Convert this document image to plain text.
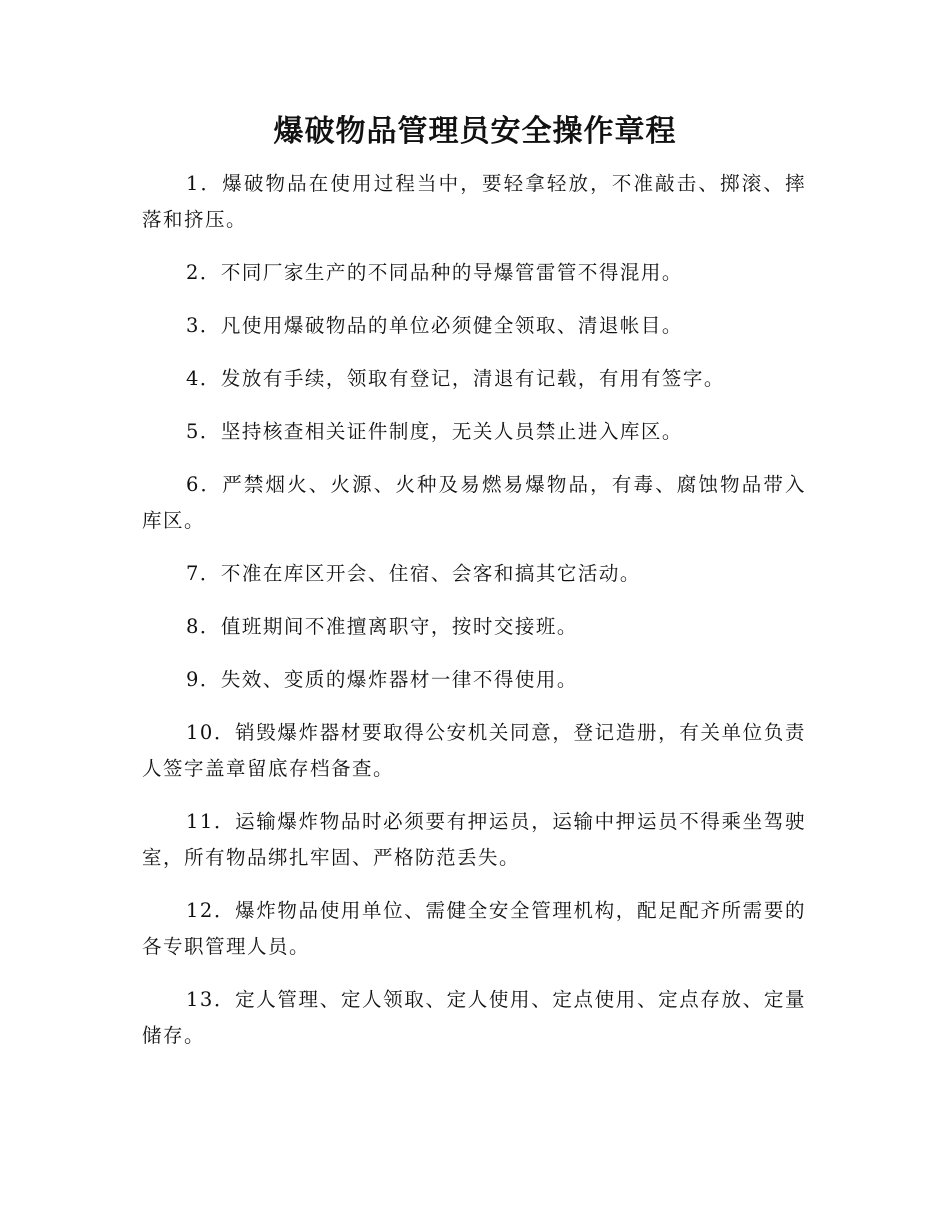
爆破物品管理员安全操作章程
1．爆破物品在使用过程当中，要轻拿轻放，不准敲击、掷滚、摔落和挤压。
2．不同厂家生产的不同品种的导爆管雷管不得混用。
3．凡使用爆破物品的单位必须健全领取、清退帐目。
4．发放有手续，领取有登记，清退有记载，有用有签字。
5．坚持核查相关证件制度，无关人员禁止进入库区。
6．严禁烟火、火源、火种及易燃易爆物品，有毒、腐蚀物品带入库区。
7．不准在库区开会、住宿、会客和搞其它活动。
8．值班期间不准擅离职守，按时交接班。
9．失效、变质的爆炸器材一律不得使用。
10．销毁爆炸器材要取得公安机关同意，登记造册，有关单位负责人签字盖章留底存档备查。
11．运输爆炸物品时必须要有押运员，运输中押运员不得乘坐驾驶室，所有物品绑扎牢固、严格防范丢失。
12．爆炸物品使用单位、需健全安全管理机构，配足配齐所需要的各专职管理人员。
13．定人管理、定人领取、定人使用、定点使用、定点存放、定量储存。
